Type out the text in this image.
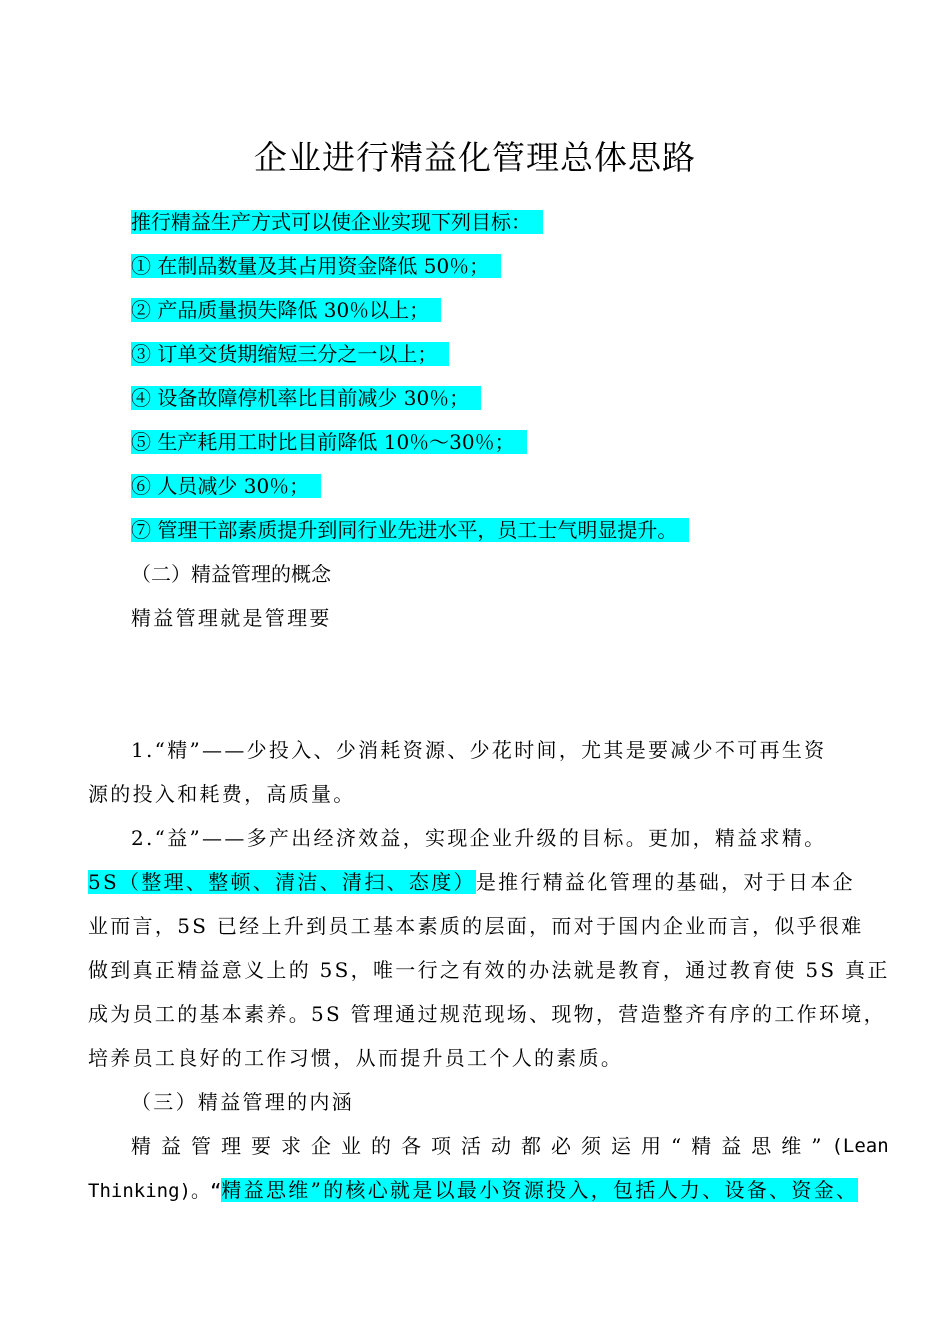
企业进行精益化管理总体思路
推行精益生产方式可以使企业实现下列目标：
① 在制品数量及其占用资金降低 50％；
② 产品质量损失降低 30％以上；
③ 订单交货期缩短三分之一以上；
④ 设备故障停机率比目前减少 30％；
⑤ 生产耗用工时比目前降低 10％～30％；
⑥ 人员减少 30％；
⑦ 管理干部素质提升到同行业先进水平，员工士气明显提升。
（二）精益管理的概念
精益管理就是管理要
1.“精”——少投入、少消耗资源、少花时间，尤其是要减少不可再生资
源的投入和耗费，高质量。
2.“益”——多产出经济效益，实现企业升级的目标。更加，精益求精。
5S（整理、整顿、清洁、清扫、态度）是推行精益化管理的基础，对于日本企
业而言，5S 已经上升到员工基本素质的层面，而对于国内企业而言，似乎很难
做到真正精益意义上的 5S，唯一行之有效的办法就是教育，通过教育使 5S 真正
成为员工的基本素养。5S 管理通过规范现场、现物，营造整齐有序的工作环境，
培养员工良好的工作习惯，从而提升员工个人的素质。
（三）精益管理的内涵
精益管理要求企业的各项活动都必须运用“精益思维” (Lean
Thinking)。“精益思维”的核心就是以最小资源投入，包括人力、设备、资金、
